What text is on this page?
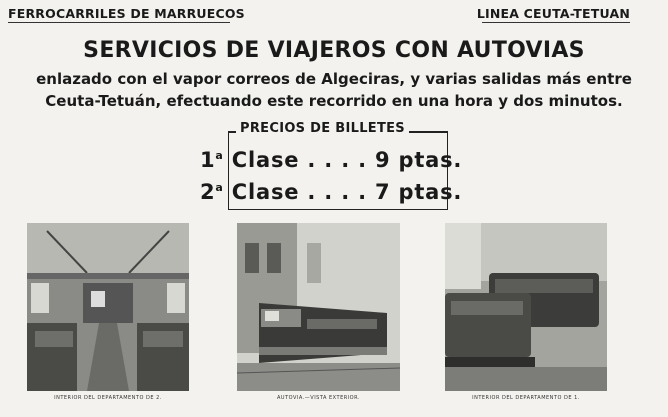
FERROCARRILES DE MARRUECOS	LINEA CEUTA-TETUAN
SERVICIOS DE VIAJEROS CON AUTOVIAS
enlazado con el vapor correos de Algeciras, y varias salidas más entre
Ceuta-Tetuán, efectuando este recorrido en una hora y dos minutos.
PRECIOS DE BILLETES
1$^a$ Clase . . . . 9 ptas.
2$^a$ Clase . . . . 7 ptas.
INTERIOR DEL DEPARTAMENTO DE 2.	AUTOVIA.—VISTA EXTERIOR.	INTERIOR DEL DEPARTAMENTO DE 1.
